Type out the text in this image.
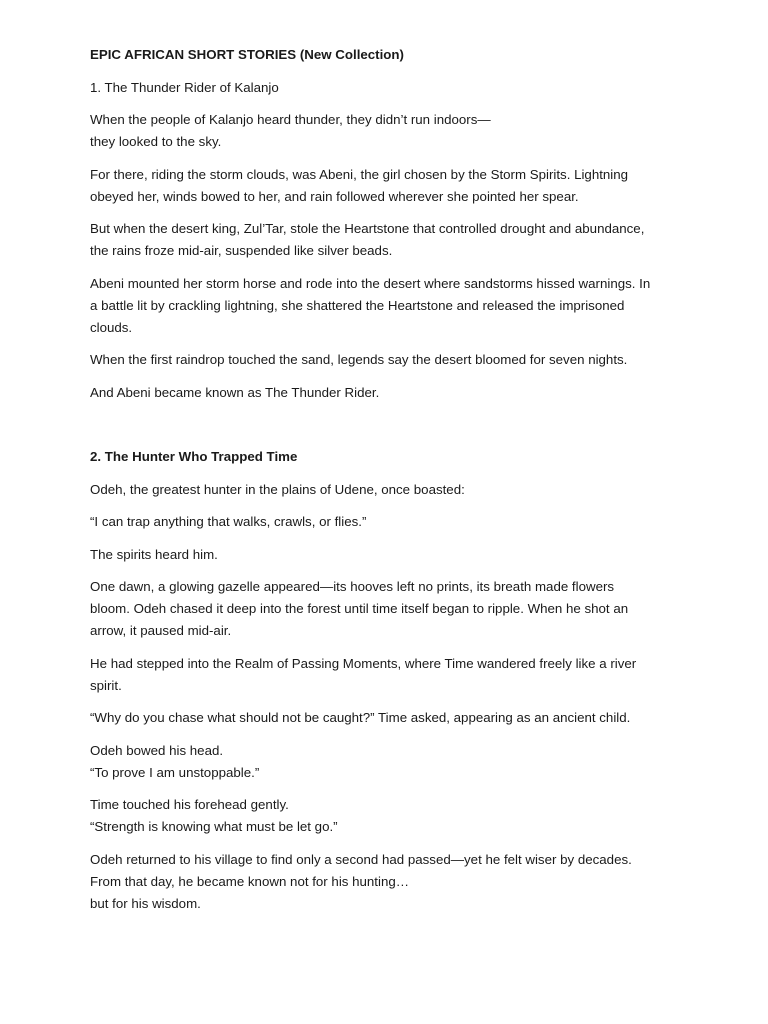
EPIC AFRICAN SHORT STORIES (New Collection)

1. The Thunder Rider of Kalanjo

When the people of Kalanjo heard thunder, they didn’t run indoors—
they looked to the sky.

For there, riding the storm clouds, was Abeni, the girl chosen by the Storm Spirits. Lightning
obeyed her, winds bowed to her, and rain followed wherever she pointed her spear.

But when the desert king, Zul’Tar, stole the Heartstone that controlled drought and abundance,
the rains froze mid-air, suspended like silver beads.

Abeni mounted her storm horse and rode into the desert where sandstorms hissed warnings. In
a battle lit by crackling lightning, she shattered the Heartstone and released the imprisoned
clouds.

When the first raindrop touched the sand, legends say the desert bloomed for seven nights.

And Abeni became known as The Thunder Rider.

2. The Hunter Who Trapped Time

Odeh, the greatest hunter in the plains of Udene, once boasted:

“I can trap anything that walks, crawls, or flies.”

The spirits heard him.

One dawn, a glowing gazelle appeared—its hooves left no prints, its breath made flowers
bloom. Odeh chased it deep into the forest until time itself began to ripple. When he shot an
arrow, it paused mid-air.

He had stepped into the Realm of Passing Moments, where Time wandered freely like a river
spirit.

“Why do you chase what should not be caught?” Time asked, appearing as an ancient child.

Odeh bowed his head.
“To prove I am unstoppable.”

Time touched his forehead gently.
“Strength is knowing what must be let go.”

Odeh returned to his village to find only a second had passed—yet he felt wiser by decades.
From that day, he became known not for his hunting…
but for his wisdom.
